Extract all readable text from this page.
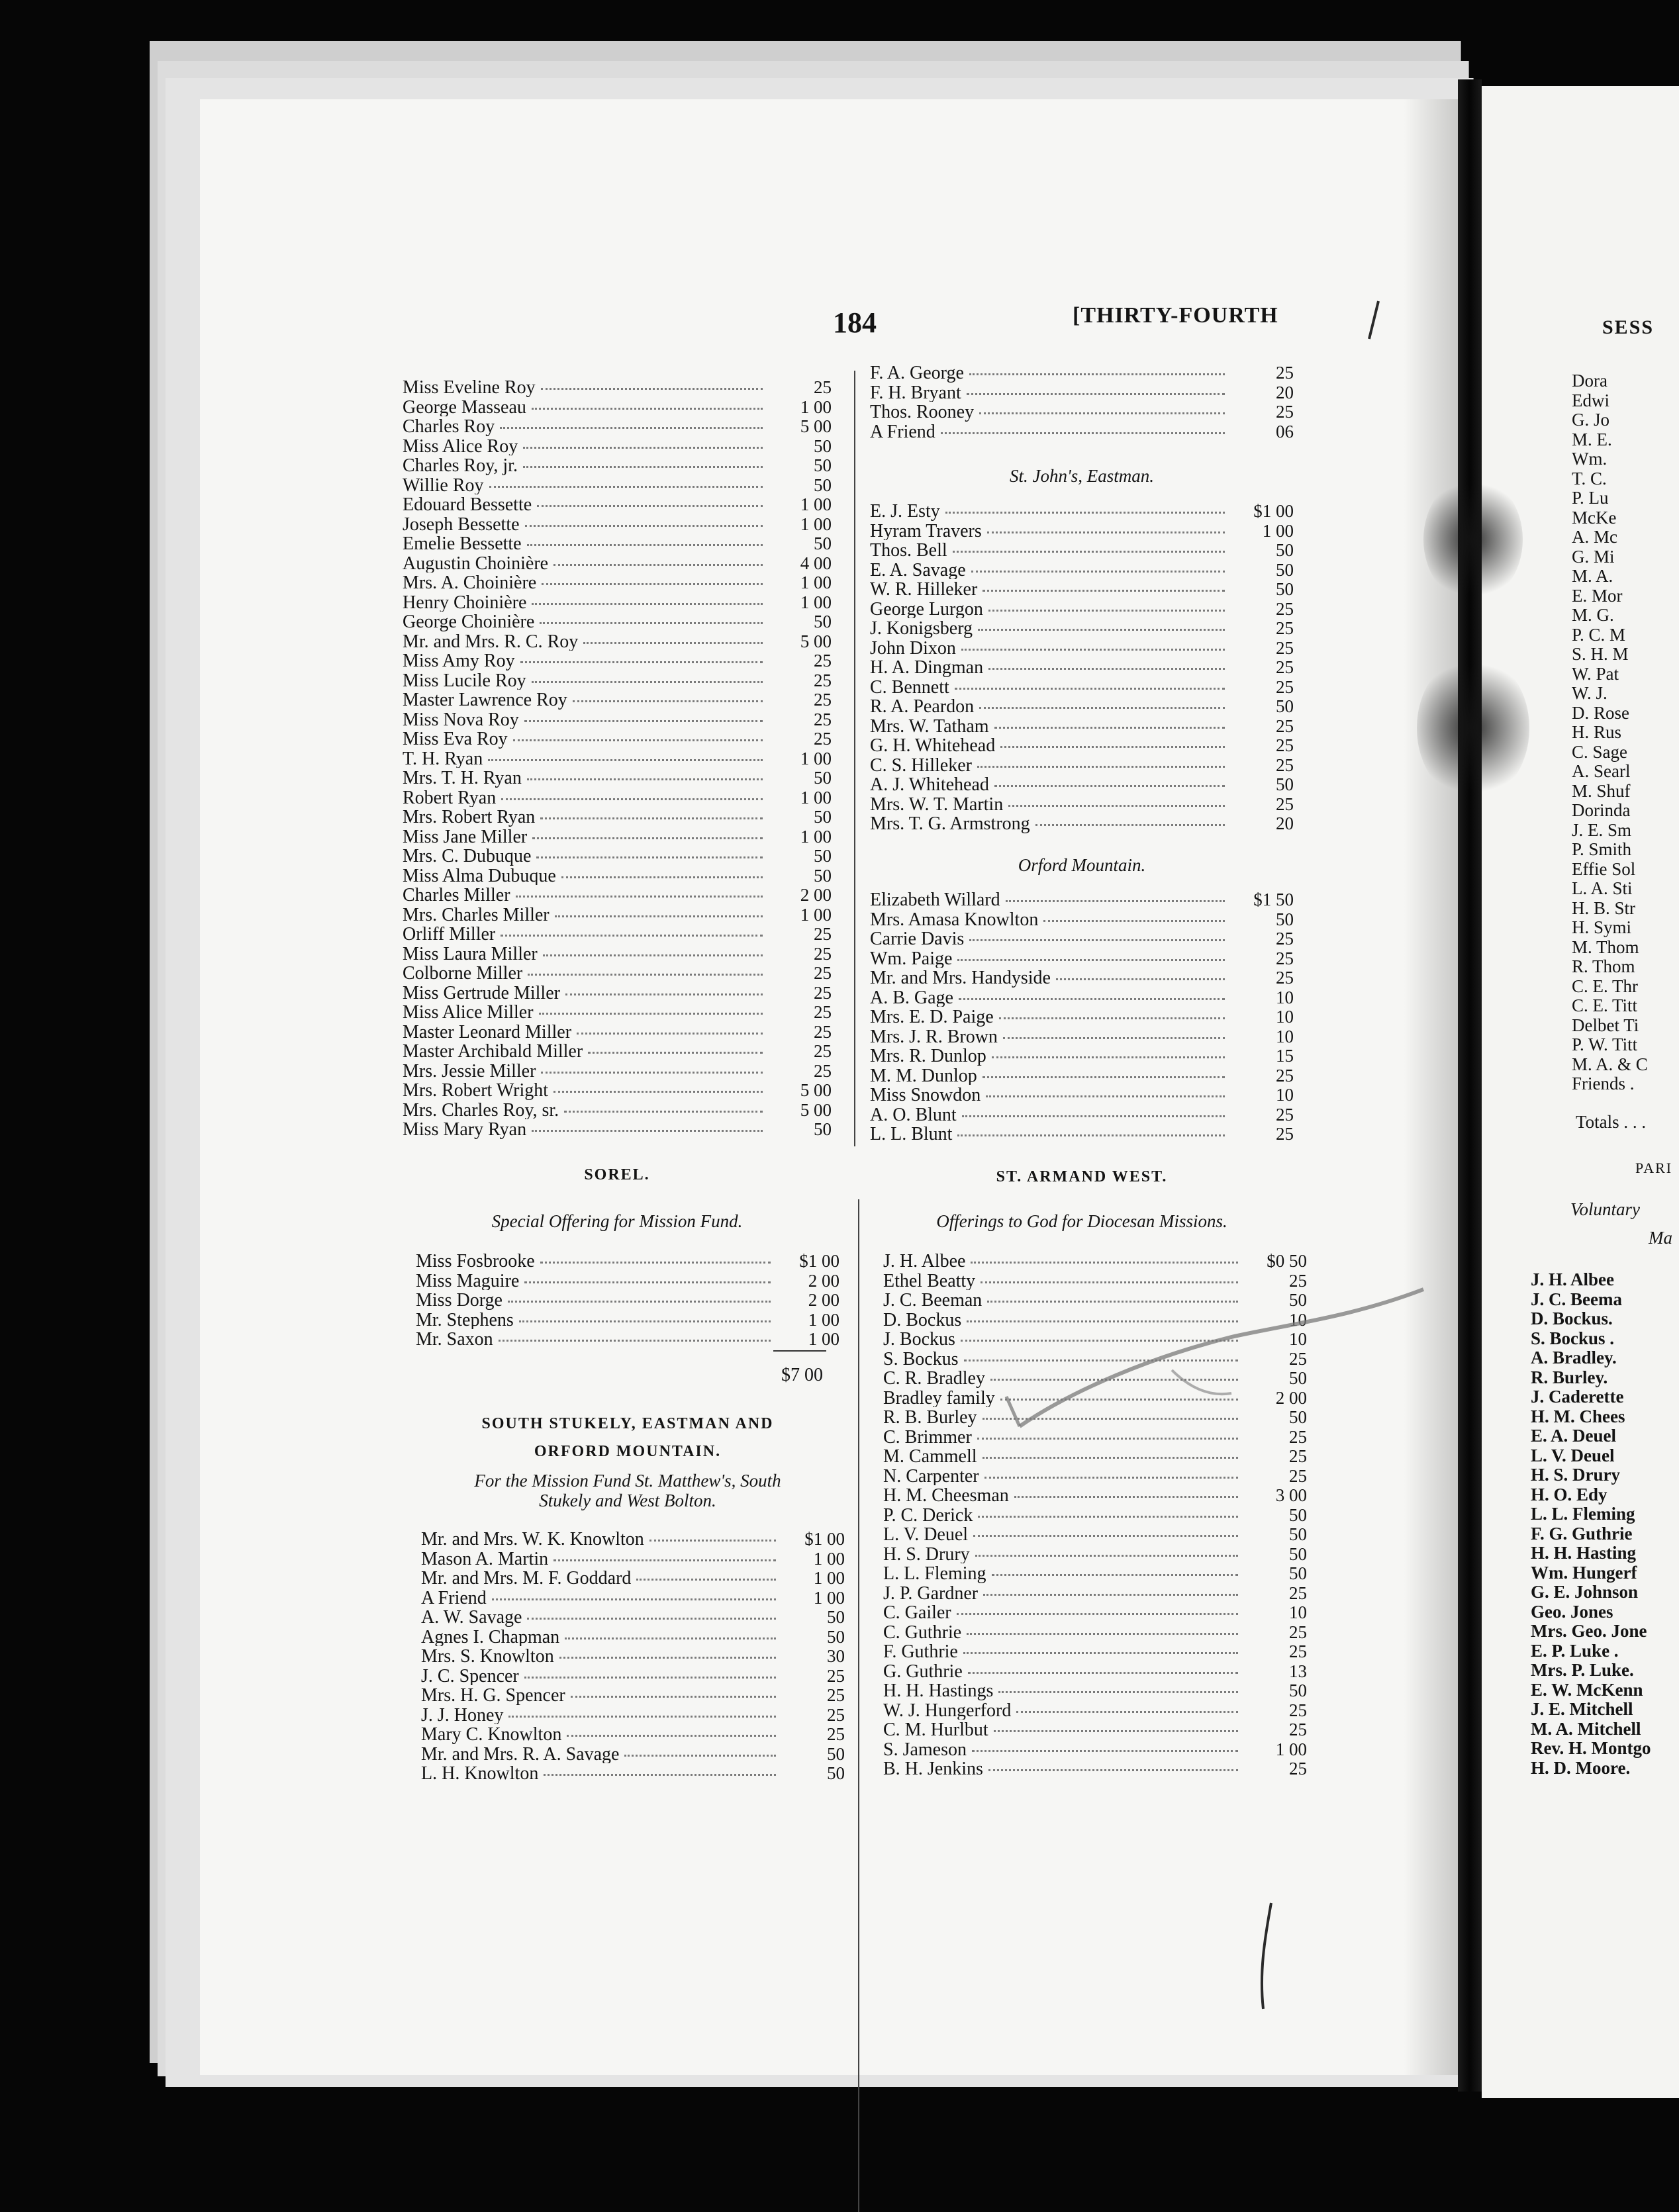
184	[THIRTY-FOURTH	SESS
Miss Eveline Roy	25
George Masseau	1 00
Charles Roy	5 00
Miss Alice Roy	50
Charles Roy, jr.	50
Willie Roy	50
Edouard Bessette	1 00
Joseph Bessette	1 00
Emelie Bessette	50
Augustin Choinière	4 00
Mrs. A. Choinière	1 00
Henry Choinière	1 00
George Choinière	50
Mr. and Mrs. R. C. Roy	5 00
Miss Amy Roy	25
Miss Lucile Roy	25
Master Lawrence Roy	25
Miss Nova Roy	25
Miss Eva Roy	25
T. H. Ryan	1 00
Mrs. T. H. Ryan	50
Robert Ryan	1 00
Mrs. Robert Ryan	50
Miss Jane Miller	1 00
Mrs. C. Dubuque	50
Miss Alma Dubuque	50
Charles Miller	2 00
Mrs. Charles Miller	1 00
Orliff Miller	25
Miss Laura Miller	25
Colborne Miller	25
Miss Gertrude Miller	25
Miss Alice Miller	25
Master Leonard Miller	25
Master Archibald Miller	25
Mrs. Jessie Miller	25
Mrs. Robert Wright	5 00
Mrs. Charles Roy, sr.	5 00
Miss Mary Ryan	50
F. A. George	25
F. H. Bryant	20
Thos. Rooney	25
A Friend	06
St. John's, Eastman.
E. J. Esty	$1 00
Hyram Travers	1 00
Thos. Bell	50
E. A. Savage	50
W. R. Hilleker	50
George Lurgon	25
J. Konigsberg	25
John Dixon	25
H. A. Dingman	25
C. Bennett	25
R. A. Peardon	50
Mrs. W. Tatham	25
G. H. Whitehead	25
C. S. Hilleker	25
A. J. Whitehead	50
Mrs. W. T. Martin	25
Mrs. T. G. Armstrong	20
Orford Mountain.
Elizabeth Willard	$1 50
Mrs. Amasa Knowlton	50
Carrie Davis	25
Wm. Paige	25
Mr. and Mrs. Handyside	25
A. B. Gage	10
Mrs. E. D. Paige	10
Mrs. J. R. Brown	10
Mrs. R. Dunlop	15
M. M. Dunlop	25
Miss Snowdon	10
A. O. Blunt	25
L. L. Blunt	25
SOREL.
Special Offering for Mission Fund.
Miss Fosbrooke	$1 00
Miss Maguire	2 00
Miss Dorge	2 00
Mr. Stephens	1 00
Mr. Saxon	1 00
$7 00
SOUTH STUKELY, EASTMAN AND
ORFORD MOUNTAIN.
For the Mission Fund St. Matthew's, South
Stukely and West Bolton.
Mr. and Mrs. W. K. Knowlton	$1 00
Mason A. Martin	1 00
Mr. and Mrs. M. F. Goddard	1 00
A Friend	1 00
A. W. Savage	50
Agnes I. Chapman	50
Mrs. S. Knowlton	30
J. C. Spencer	25
Mrs. H. G. Spencer	25
J. J. Honey	25
Mary C. Knowlton	25
Mr. and Mrs. R. A. Savage	50
L. H. Knowlton	50
ST. ARMAND WEST.
Offerings to God for Diocesan Missions.
J. H. Albee	$0 50
Ethel Beatty	25
J. C. Beeman	50
D. Bockus	10
J. Bockus	10
S. Bockus	25
C. R. Bradley	50
Bradley family	2 00
R. B. Burley	50
C. Brimmer	25
M. Cammell	25
N. Carpenter	25
H. M. Cheesman	3 00
P. C. Derick	50
L. V. Deuel	50
H. S. Drury	50
L. L. Fleming	50
J. P. Gardner	25
C. Gailer	10
C. Guthrie	25
F. Guthrie	25
G. Guthrie	13
H. H. Hastings	50
W. J. Hungerford	25
C. M. Hurlbut	25
S. Jameson	1 00
B. H. Jenkins	25
Dora
Edwi
G. Jo
M. E.
Wm.
T. C.
P. Lu
McKe
A. Mc
G. Mi
M. A.
E. Mor
M. G.
P. C. M
S. H. M
W. Pat
W. J.
D. Rose
H. Rus
C. Sage
A. Searl
M. Shuf
Dorinda
J. E. Sm
P. Smith
Effie Sol
L. A. Sti
H. B. Str
H. Symi
M. Thom
R. Thom
C. E. Thr
C. E. Titt
Delbet Ti
P. W. Titt
M. A. & C
Friends .
Totals . . .
PARI
Voluntary
Ma
J. H. Albee
J. C. Beema
D. Bockus.
S. Bockus .
A. Bradley.
R. Burley.
J. Caderette
H. M. Chees
E. A. Deuel
L. V. Deuel
H. S. Drury
H. O. Edy
L. L. Fleming
F. G. Guthrie
H. H. Hasting
Wm. Hungerf
G. E. Johnson
Geo. Jones
Mrs. Geo. Jone
E. P. Luke .
Mrs. P. Luke.
E. W. McKenn
J. E. Mitchell
M. A. Mitchell
Rev. H. Montgo
H. D. Moore.
